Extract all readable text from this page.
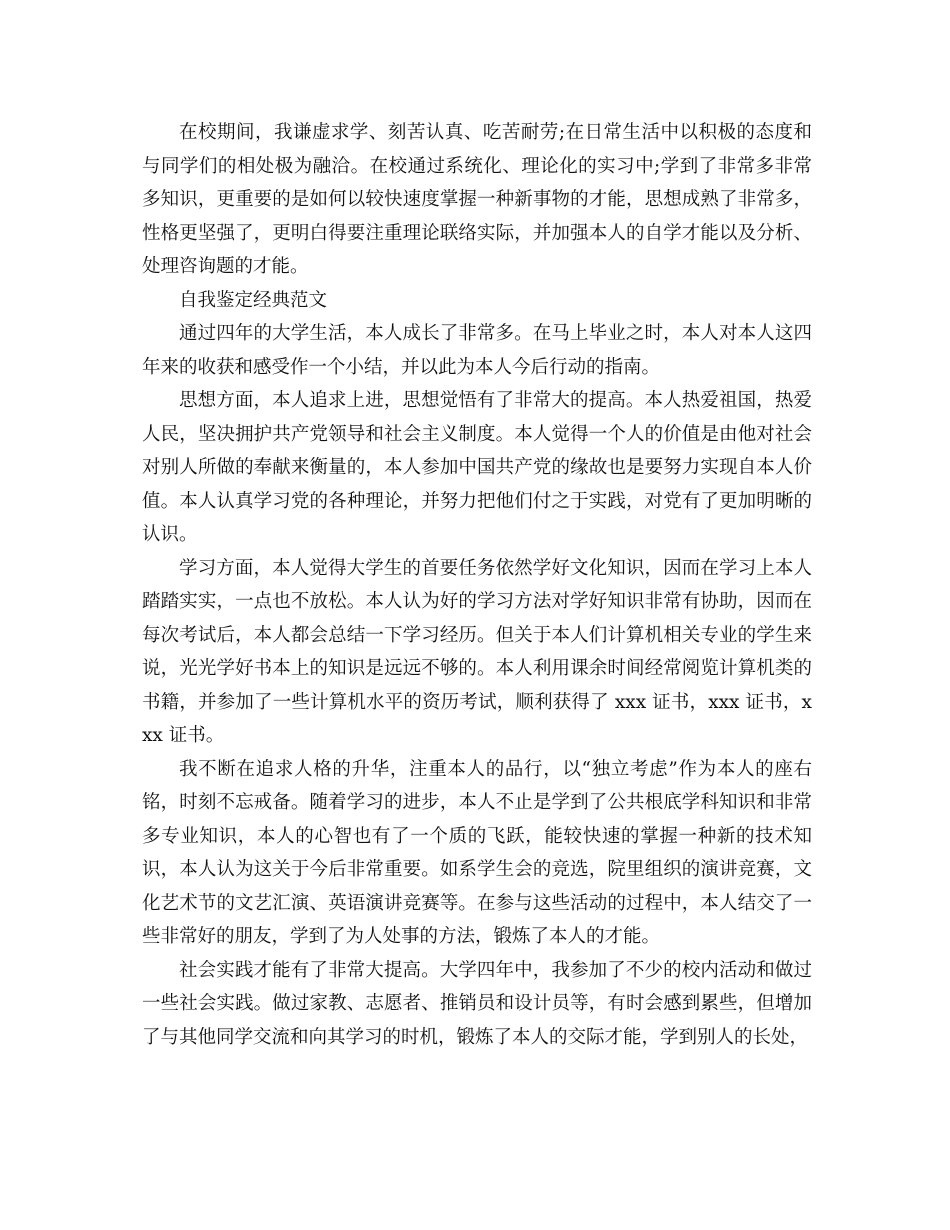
在校期间，我谦虚求学、刻苦认真、吃苦耐劳;在日常生活中以积极的态度和与同学们的相处极为融洽。在校通过系统化、理论化的实习中;学到了非常多非常多知识，更重要的是如何以较快速度掌握一种新事物的才能，思想成熟了非常多，性格更坚强了，更明白得要注重理论联络实际，并加强本人的自学才能以及分析、处理咨询题的才能。

自我鉴定经典范文

通过四年的大学生活，本人成长了非常多。在马上毕业之时，本人对本人这四年来的收获和感受作一个小结，并以此为本人今后行动的指南。

思想方面，本人追求上进，思想觉悟有了非常大的提高。本人热爱祖国，热爱人民，坚决拥护共产党领导和社会主义制度。本人觉得一个人的价值是由他对社会对别人所做的奉献来衡量的，本人参加中国共产党的缘故也是要努力实现自本人价值。本人认真学习党的各种理论，并努力把他们付之于实践，对党有了更加明晰的认识。

学习方面，本人觉得大学生的首要任务依然学好文化知识，因而在学习上本人踏踏实实，一点也不放松。本人认为好的学习方法对学好知识非常有协助，因而在每次考试后，本人都会总结一下学习经历。但关于本人们计算机相关专业的学生来说，光光学好书本上的知识是远远不够的。本人利用课余时间经常阅览计算机类的书籍，并参加了一些计算机水平的资历考试，顺利获得了 xxx 证书，xxx 证书，xxx 证书。

我不断在追求人格的升华，注重本人的品行，以“独立考虑”作为本人的座右铭，时刻不忘戒备。随着学习的进步，本人不止是学到了公共根底学科知识和非常多专业知识，本人的心智也有了一个质的飞跃，能较快速的掌握一种新的技术知识，本人认为这关于今后非常重要。如系学生会的竞选，院里组织的演讲竞赛，文化艺术节的文艺汇演、英语演讲竞赛等。在参与这些活动的过程中，本人结交了一些非常好的朋友，学到了为人处事的方法，锻炼了本人的才能。

社会实践才能有了非常大提高。大学四年中，我参加了不少的校内活动和做过一些社会实践。做过家教、志愿者、推销员和设计员等，有时会感到累些，但增加了与其他同学交流和向其学习的时机，锻炼了本人的交际才能，学到别人的长处，
